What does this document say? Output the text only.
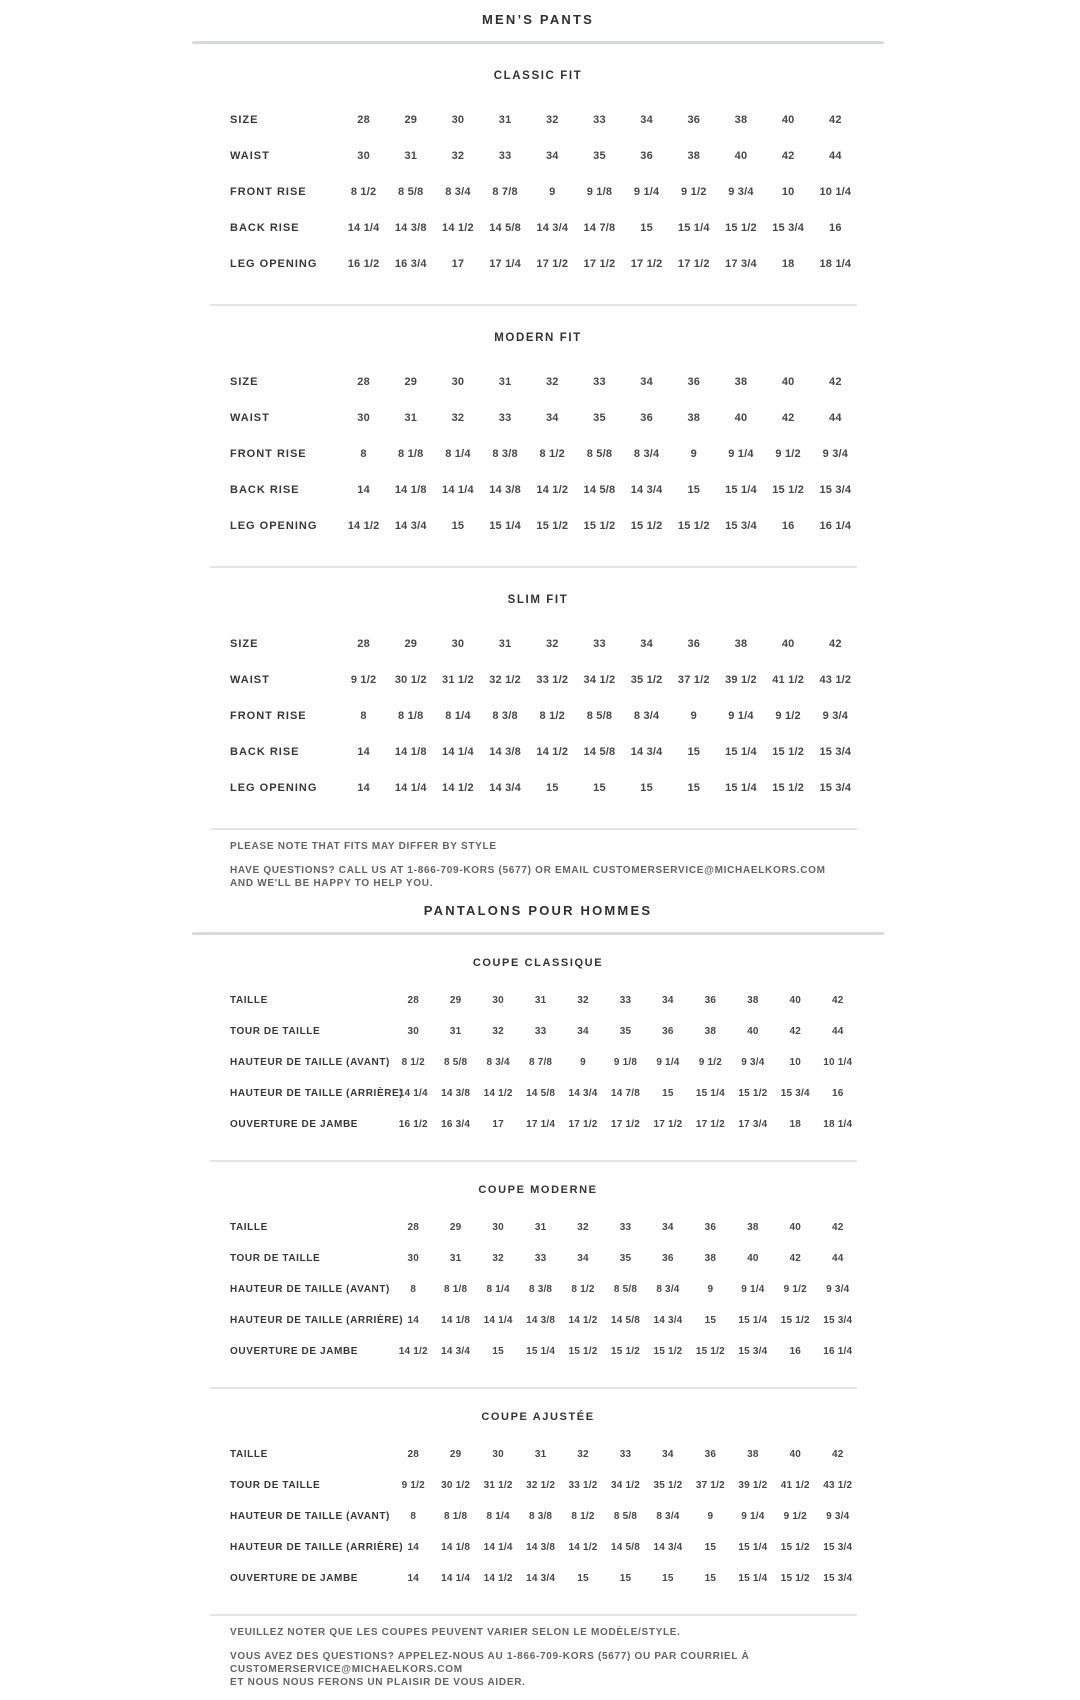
MEN’S PANTS
CLASSIC FIT
SIZE	28	29	30	31	32	33	34	36	38	40	42
WAIST	30	31	32	33	34	35	36	38	40	42	44
FRONT RISE	8 1/2	8 5/8	8 3/4	8 7/8	9	9 1/8	9 1/4	9 1/2	9 3/4	10	10 1/4
BACK RISE	14 1/4	14 3/8	14 1/2	14 5/8	14 3/4	14 7/8	15	15 1/4	15 1/2	15 3/4	16
LEG OPENING	16 1/2	16 3/4	17	17 1/4	17 1/2	17 1/2	17 1/2	17 1/2	17 3/4	18	18 1/4
MODERN FIT
SIZE	28	29	30	31	32	33	34	36	38	40	42
WAIST	30	31	32	33	34	35	36	38	40	42	44
FRONT RISE	8	8 1/8	8 1/4	8 3/8	8 1/2	8 5/8	8 3/4	9	9 1/4	9 1/2	9 3/4
BACK RISE	14	14 1/8	14 1/4	14 3/8	14 1/2	14 5/8	14 3/4	15	15 1/4	15 1/2	15 3/4
LEG OPENING	14 1/2	14 3/4	15	15 1/4	15 1/2	15 1/2	15 1/2	15 1/2	15 3/4	16	16 1/4
SLIM FIT
SIZE	28	29	30	31	32	33	34	36	38	40	42
WAIST	9 1/2	30 1/2	31 1/2	32 1/2	33 1/2	34 1/2	35 1/2	37 1/2	39 1/2	41 1/2	43 1/2
FRONT RISE	8	8 1/8	8 1/4	8 3/8	8 1/2	8 5/8	8 3/4	9	9 1/4	9 1/2	9 3/4
BACK RISE	14	14 1/8	14 1/4	14 3/8	14 1/2	14 5/8	14 3/4	15	15 1/4	15 1/2	15 3/4
LEG OPENING	14	14 1/4	14 1/2	14 3/4	15	15	15	15	15 1/4	15 1/2	15 3/4
PLEASE NOTE THAT FITS MAY DIFFER BY STYLE
HAVE QUESTIONS? CALL US AT 1-866-709-KORS (5677) OR EMAIL CUSTOMERSERVICE@MICHAELKORS.COM
AND WE'LL BE HAPPY TO HELP YOU.
PANTALONS POUR HOMMES
COUPE CLASSIQUE
TAILLE	28	29	30	31	32	33	34	36	38	40	42
TOUR DE TAILLE	30	31	32	33	34	35	36	38	40	42	44
HAUTEUR DE TAILLE (AVANT)	8 1/2	8 5/8	8 3/4	8 7/8	9	9 1/8	9 1/4	9 1/2	9 3/4	10	10 1/4
HAUTEUR DE TAILLE (ARRIÈRE)	14 1/4	14 3/8	14 1/2	14 5/8	14 3/4	14 7/8	15	15 1/4	15 1/2	15 3/4	16
OUVERTURE DE JAMBE	16 1/2	16 3/4	17	17 1/4	17 1/2	17 1/2	17 1/2	17 1/2	17 3/4	18	18 1/4
COUPE MODERNE
TAILLE	28	29	30	31	32	33	34	36	38	40	42
TOUR DE TAILLE	30	31	32	33	34	35	36	38	40	42	44
HAUTEUR DE TAILLE (AVANT)	8	8 1/8	8 1/4	8 3/8	8 1/2	8 5/8	8 3/4	9	9 1/4	9 1/2	9 3/4
HAUTEUR DE TAILLE (ARRIÈRE)	14	14 1/8	14 1/4	14 3/8	14 1/2	14 5/8	14 3/4	15	15 1/4	15 1/2	15 3/4
OUVERTURE DE JAMBE	14 1/2	14 3/4	15	15 1/4	15 1/2	15 1/2	15 1/2	15 1/2	15 3/4	16	16 1/4
COUPE AJUSTÉE
TAILLE	28	29	30	31	32	33	34	36	38	40	42
TOUR DE TAILLE	9 1/2	30 1/2	31 1/2	32 1/2	33 1/2	34 1/2	35 1/2	37 1/2	39 1/2	41 1/2	43 1/2
HAUTEUR DE TAILLE (AVANT)	8	8 1/8	8 1/4	8 3/8	8 1/2	8 5/8	8 3/4	9	9 1/4	9 1/2	9 3/4
HAUTEUR DE TAILLE (ARRIÈRE)	14	14 1/8	14 1/4	14 3/8	14 1/2	14 5/8	14 3/4	15	15 1/4	15 1/2	15 3/4
OUVERTURE DE JAMBE	14	14 1/4	14 1/2	14 3/4	15	15	15	15	15 1/4	15 1/2	15 3/4
VEUILLEZ NOTER QUE LES COUPES PEUVENT VARIER SELON LE MODÈLE/STYLE.
VOUS AVEZ DES QUESTIONS? APPELEZ-NOUS AU 1-866-709-KORS (5677) OU PAR COURRIEL À CUSTOMERSERVICE@MICHAELKORS.COM
ET NOUS NOUS FERONS UN PLAISIR DE VOUS AIDER.
